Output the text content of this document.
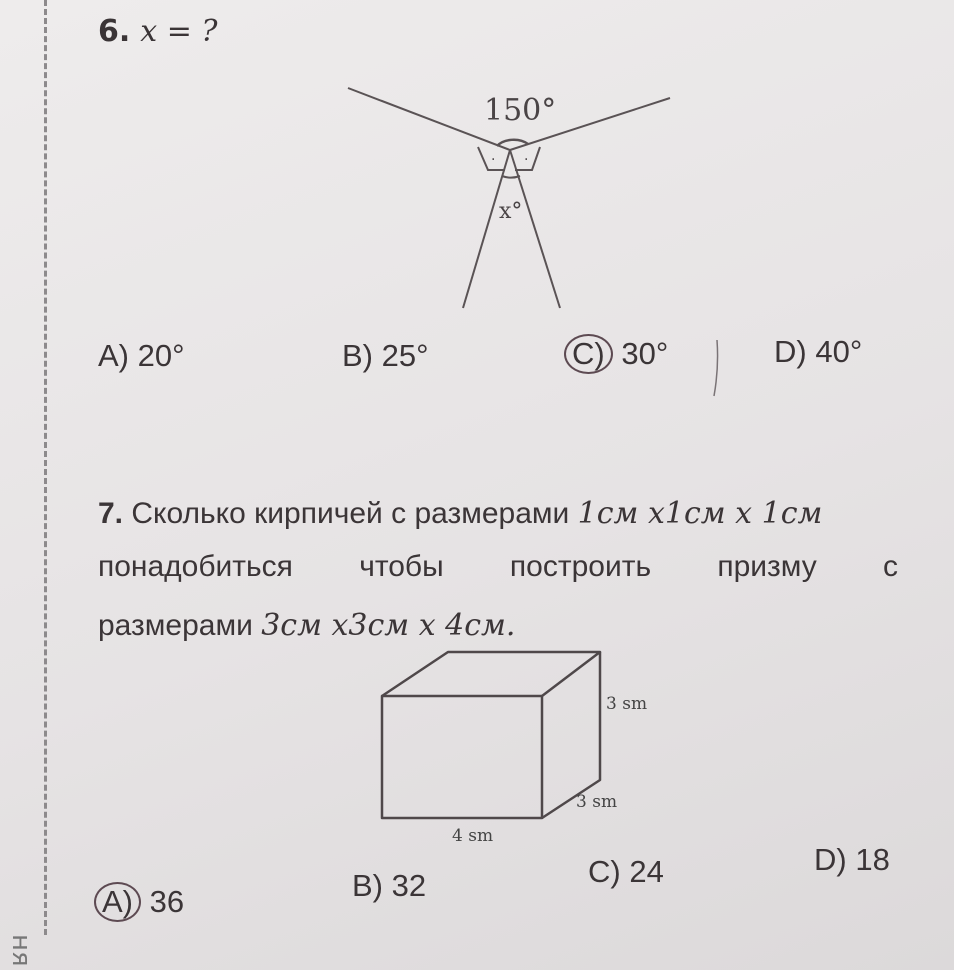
ня
6. x = ?
150°
x°
· ·
A) 20°	B) 25°	C) 30°	D) 40°
7. Сколько кирпичей с размерами 1см x1см x 1см
понадобиться чтобы построить призму с
размерами 3см x3см x 4см.
3 sm
3 sm
4 sm
A) 36	B) 32	C) 24	D) 18
